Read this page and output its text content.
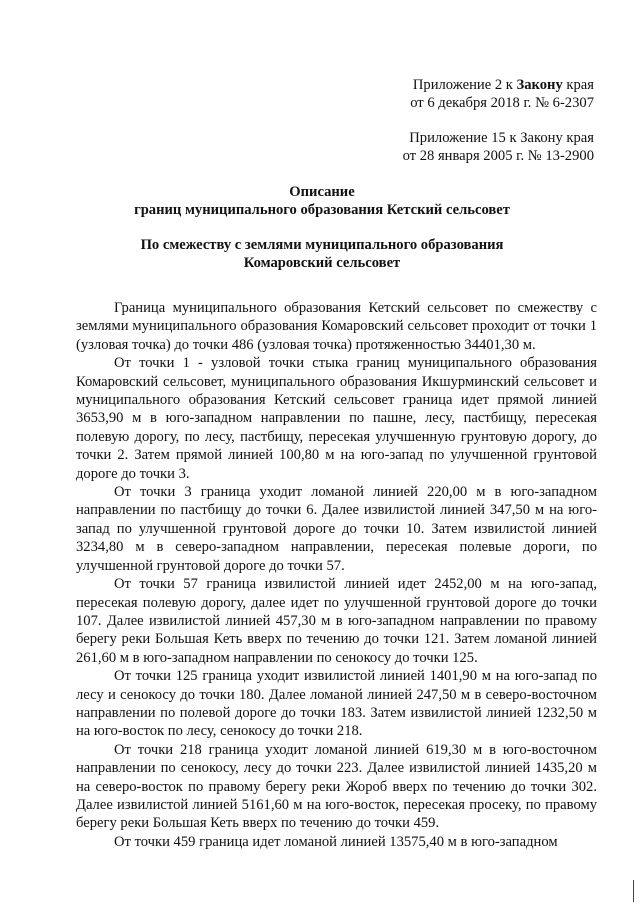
Приложение 2 к Закону края
от 6 декабря 2018 г. № 6-2307
Приложение 15 к Закону края
от 28 января 2005 г. № 13-2900
Описание
границ муниципального образования Кетский сельсовет
По смежеству с землями муниципального образования
Комаровский сельсовет

Граница муниципального образования Кетский сельсовет по смежеству с землями муниципального образования Комаровский сельсовет проходит от точки 1 (узловая точка) до точки 486 (узловая точка) протяженностью 34401,30 м.

От точки 1 - узловой точки стыка границ муниципального образования Комаровский сельсовет, муниципального образования Икшурминский сельсовет и муниципального образования Кетский сельсовет граница идет прямой линией 3653,90 м в юго-западном направлении по пашне, лесу, пастбищу, пересекая полевую дорогу, по лесу, пастбищу, пересекая улучшенную грунтовую дорогу, до точки 2. Затем прямой линией 100,80 м на юго-запад по улучшенной грунтовой дороге до точки 3.

От точки 3 граница уходит ломаной линией 220,00 м в юго-западном направлении по пастбищу до точки 6. Далее извилистой линией 347,50 м на юго-запад по улучшенной грунтовой дороге до точки 10. Затем извилистой линией 3234,80 м в северо-западном направлении, пересекая полевые дороги, по улучшенной грунтовой дороге до точки 57.

От точки 57 граница извилистой линией идет 2452,00 м на юго-запад, пересекая полевую дорогу, далее идет по улучшенной грунтовой дороге до точки 107. Далее извилистой линией 457,30 м в юго-западном направлении по правому берегу реки Большая Кеть вверх по течению до точки 121. Затем ломаной линией 261,60 м в юго-западном направлении по сенокосу до точки 125.

От точки 125 граница уходит извилистой линией 1401,90 м на юго-запад по лесу и сенокосу до точки 180. Далее ломаной линией 247,50 м в северо-восточном направлении по полевой дороге до точки 183. Затем извилистой линией 1232,50 м на юго-восток по лесу, сенокосу до точки 218.

От точки 218 граница уходит ломаной линией 619,30 м в юго-восточном направлении по сенокосу, лесу до точки 223. Далее извилистой линией 1435,20 м на северо-восток по правому берегу реки Жороб вверх по течению до точки 302. Далее извилистой линией 5161,60 м на юго-восток, пересекая просеку, по правому берегу реки Большая Кеть вверх по течению до точки 459.

От точки 459 граница идет ломаной линией 13575,40 м в юго-западном
